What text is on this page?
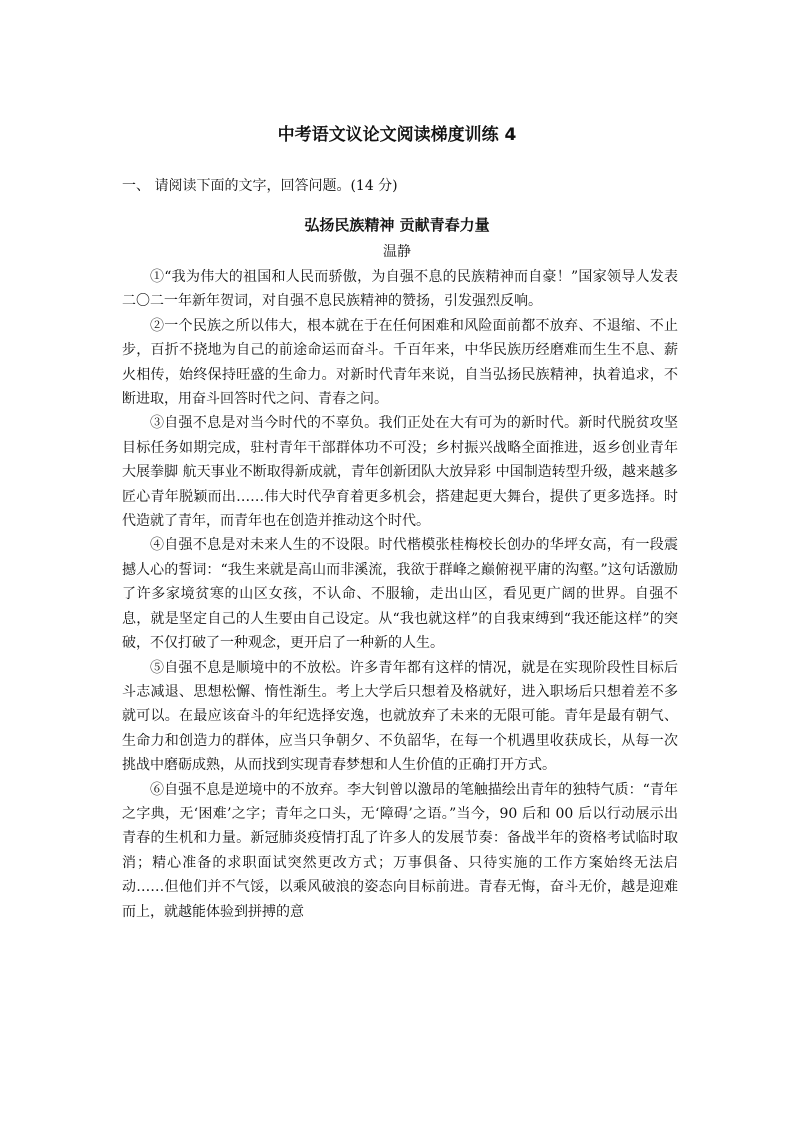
中考语文议论文阅读梯度训练 4

一、 请阅读下面的文字，回答问题。(14 分)

弘扬民族精神 贡献青春力量

温静

①“我为伟大的祖国和人民而骄傲，为自强不息的民族精神而自豪！”国家领导人发表二〇二一年新年贺词，对自强不息民族精神的赞扬，引发强烈反响。

②一个民族之所以伟大，根本就在于在任何困难和风险面前都不放弃、不退缩、不止步，百折不挠地为自己的前途命运而奋斗。千百年来，中华民族历经磨难而生生不息、薪火相传，始终保持旺盛的生命力。对新时代青年来说，自当弘扬民族精神，执着追求，不断进取，用奋斗回答时代之问、青春之问。

③自强不息是对当今时代的不辜负。我们正处在大有可为的新时代。新时代脱贫攻坚目标任务如期完成，驻村青年干部群体功不可没；乡村振兴战略全面推进，返乡创业青年大展拳脚 航天事业不断取得新成就，青年创新团队大放异彩 中国制造转型升级，越来越多匠心青年脱颖而出……伟大时代孕育着更多机会，搭建起更大舞台，提供了更多选择。时代造就了青年，而青年也在创造并推动这个时代。

④自强不息是对未来人生的不设限。时代楷模张桂梅校长创办的华坪女高，有一段震撼人心的誓词：“我生来就是高山而非溪流，我欲于群峰之巅俯视平庸的沟壑。”这句话激励了许多家境贫寒的山区女孩，不认命、不服输，走出山区，看见更广阔的世界。自强不息，就是坚定自己的人生要由自己设定。从“我也就这样”的自我束缚到“我还能这样”的突破，不仅打破了一种观念，更开启了一种新的人生。

⑤自强不息是顺境中的不放松。许多青年都有这样的情况，就是在实现阶段性目标后斗志减退、思想松懈、惰性渐生。考上大学后只想着及格就好，进入职场后只想着差不多就可以。在最应该奋斗的年纪选择安逸，也就放弃了未来的无限可能。青年是最有朝气、生命力和创造力的群体，应当只争朝夕、不负韶华，在每一个机遇里收获成长，从每一次挑战中磨砺成熟，从而找到实现青春梦想和人生价值的正确打开方式。

⑥自强不息是逆境中的不放弃。李大钊曾以激昂的笔触描绘出青年的独特气质：“青年之字典，无‘困难’之字；青年之口头，无‘障碍’之语。”当今，90 后和 00 后以行动展示出青春的生机和力量。新冠肺炎疫情打乱了许多人的发展节奏：备战半年的资格考试临时取消；精心准备的求职面试突然更改方式；万事俱备、只待实施的工作方案始终无法启动……但他们并不气馁，以乘风破浪的姿态向目标前进。青春无悔，奋斗无价，越是迎难而上，就越能体验到拼搏的意
